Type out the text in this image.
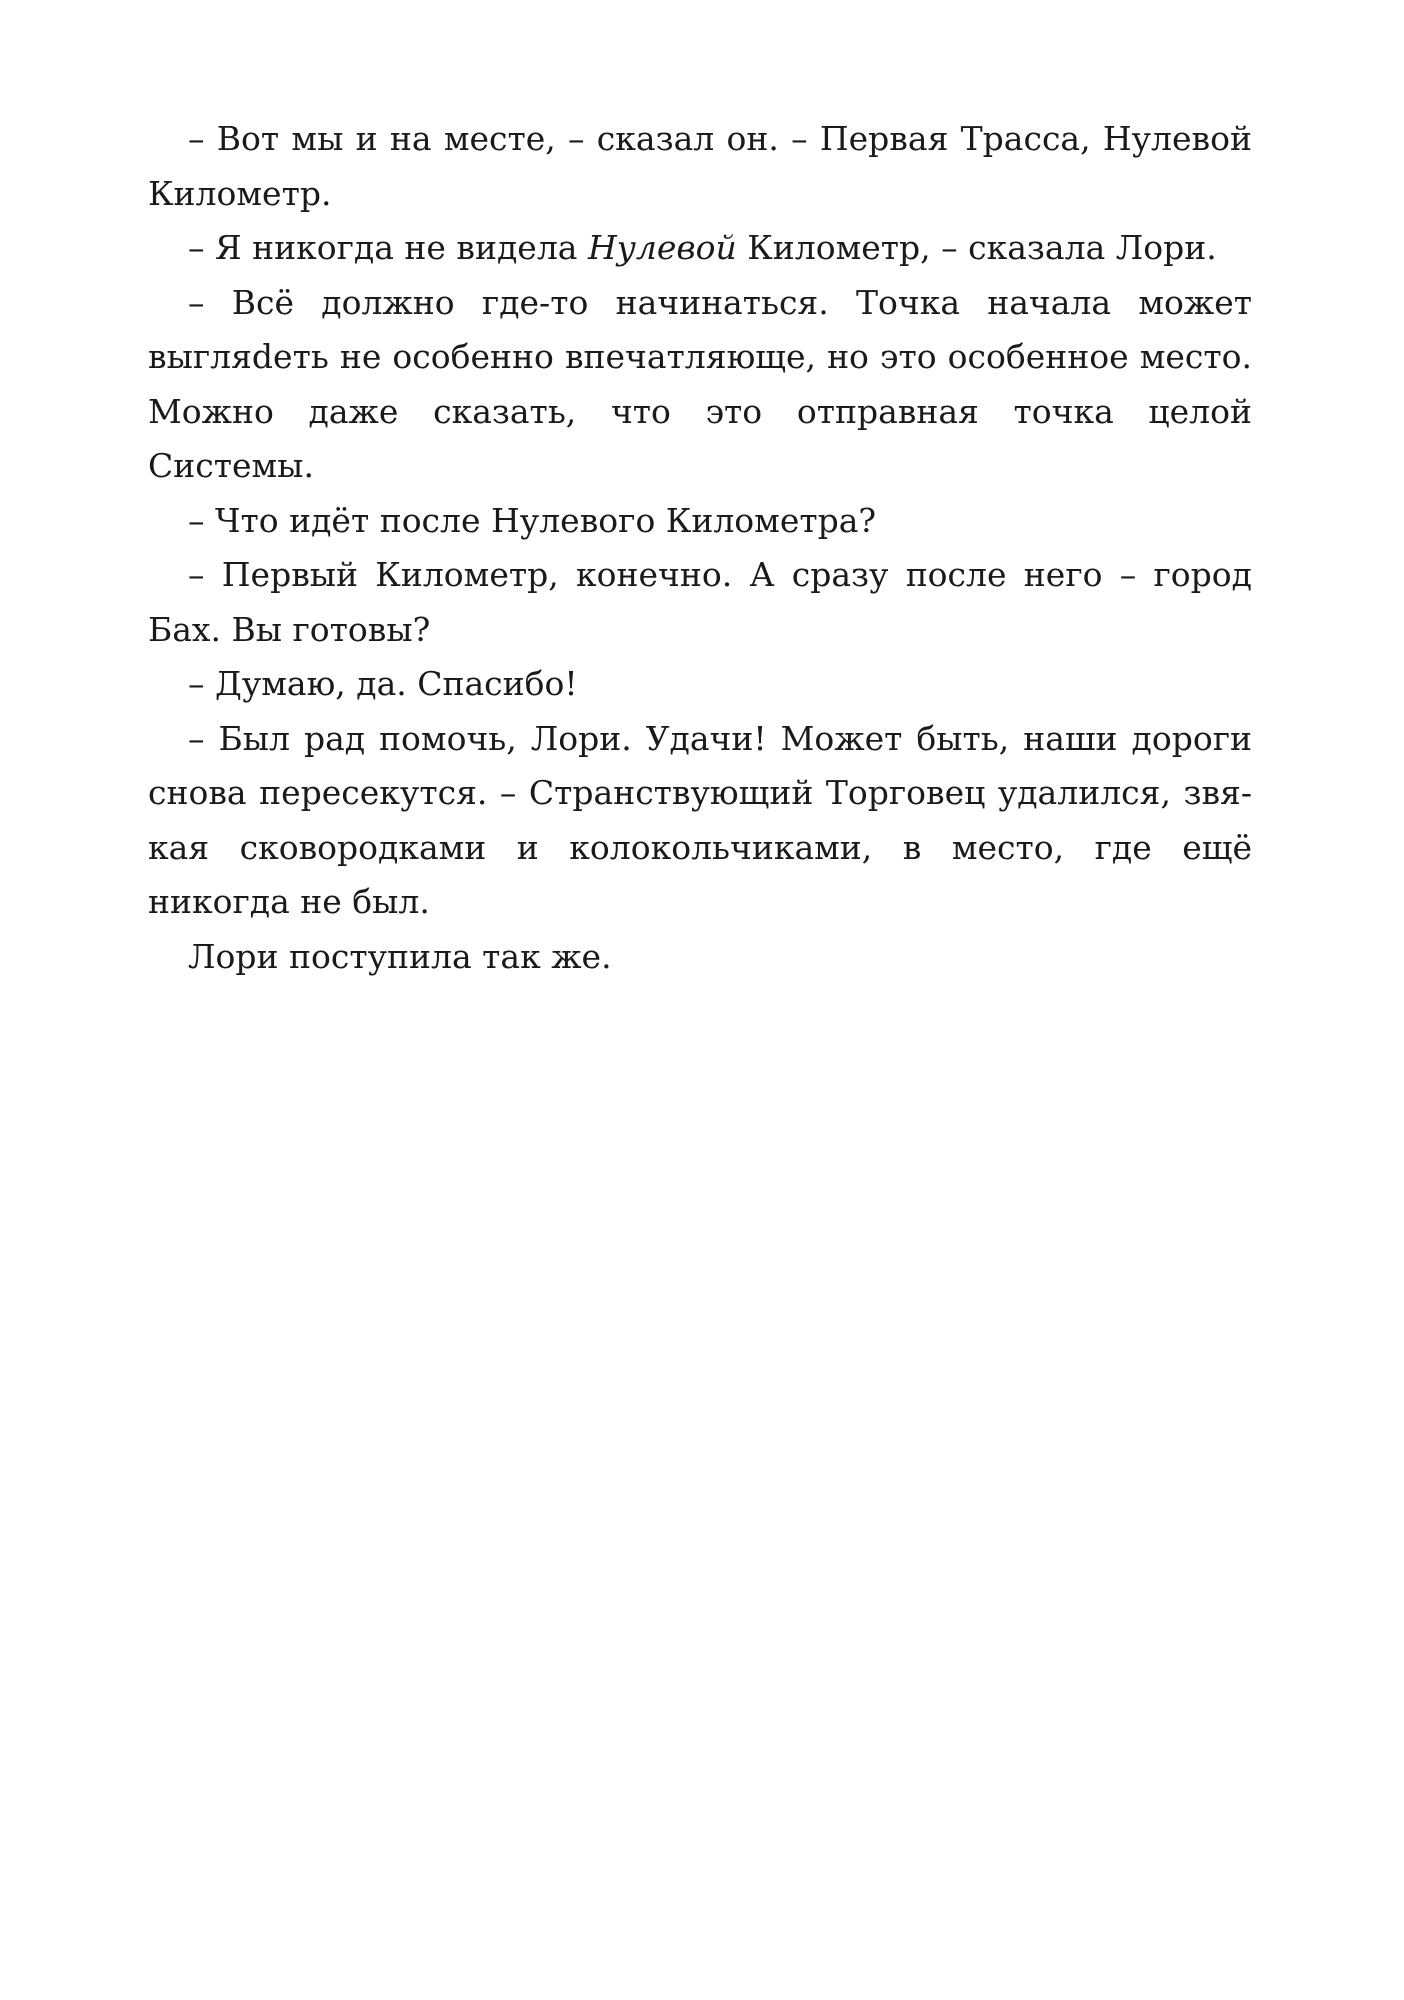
– Вот мы и на месте, – сказал он. – Первая Трасса, Нулевой Километр.

– Я никогда не видела Нулевой Километр, – сказала Лори.

– Всё должно где-то начинаться. Точка начала может выгляdеть не особенно впечатляюще, но это особенное место. Можно даже сказать, что это отправная точка целой Системы.

– Что идёт после Нулевого Километра?

– Первый Километр, конечно. А сразу после него – город Бах. Вы готовы?

– Думаю, да. Спасибо!

– Был рад помочь, Лори. Удачи! Может быть, наши дороги снова пересекутся. – Странствующий Торговец удалился, звякая сковородками и колокольчиками, в место, где ещё никогда не был.

Лори поступила так же.
